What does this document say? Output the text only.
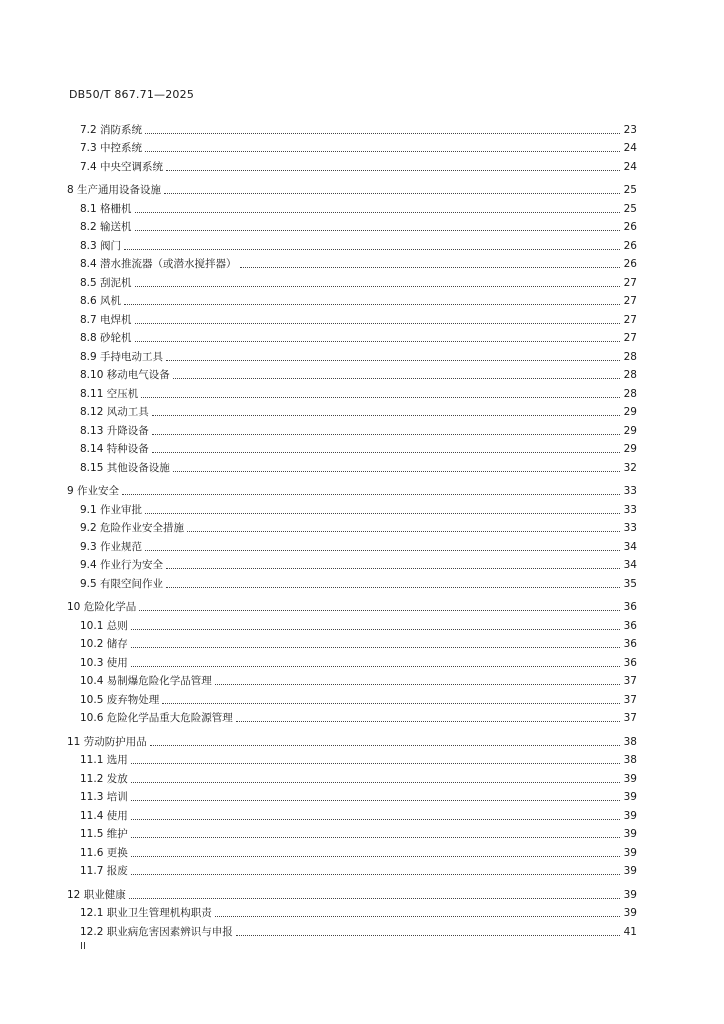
DB50/T 867.71—2025
7.2 消防系统	23
7.3 中控系统	24
7.4 中央空调系统	24
8 生产通用设备设施	25
8.1 格栅机	25
8.2 输送机	26
8.3 阀门	26
8.4 潜水推流器（或潜水搅拌器）	26
8.5 刮泥机	27
8.6 风机	27
8.7 电焊机	27
8.8 砂轮机	27
8.9 手持电动工具	28
8.10 移动电气设备	28
8.11 空压机	28
8.12 风动工具	29
8.13 升降设备	29
8.14 特种设备	29
8.15 其他设备设施	32
9 作业安全	33
9.1 作业审批	33
9.2 危险作业安全措施	33
9.3 作业规范	34
9.4 作业行为安全	34
9.5 有限空间作业	35
10 危险化学品	36
10.1 总则	36
10.2 储存	36
10.3 使用	36
10.4 易制爆危险化学品管理	37
10.5 废弃物处理	37
10.6 危险化学品重大危险源管理	37
11 劳动防护用品	38
11.1 选用	38
11.2 发放	39
11.3 培训	39
11.4 使用	39
11.5 维护	39
11.6 更换	39
11.7 报废	39
12 职业健康	39
12.1 职业卫生管理机构职责	39
12.2 职业病危害因素辨识与申报	41
II
